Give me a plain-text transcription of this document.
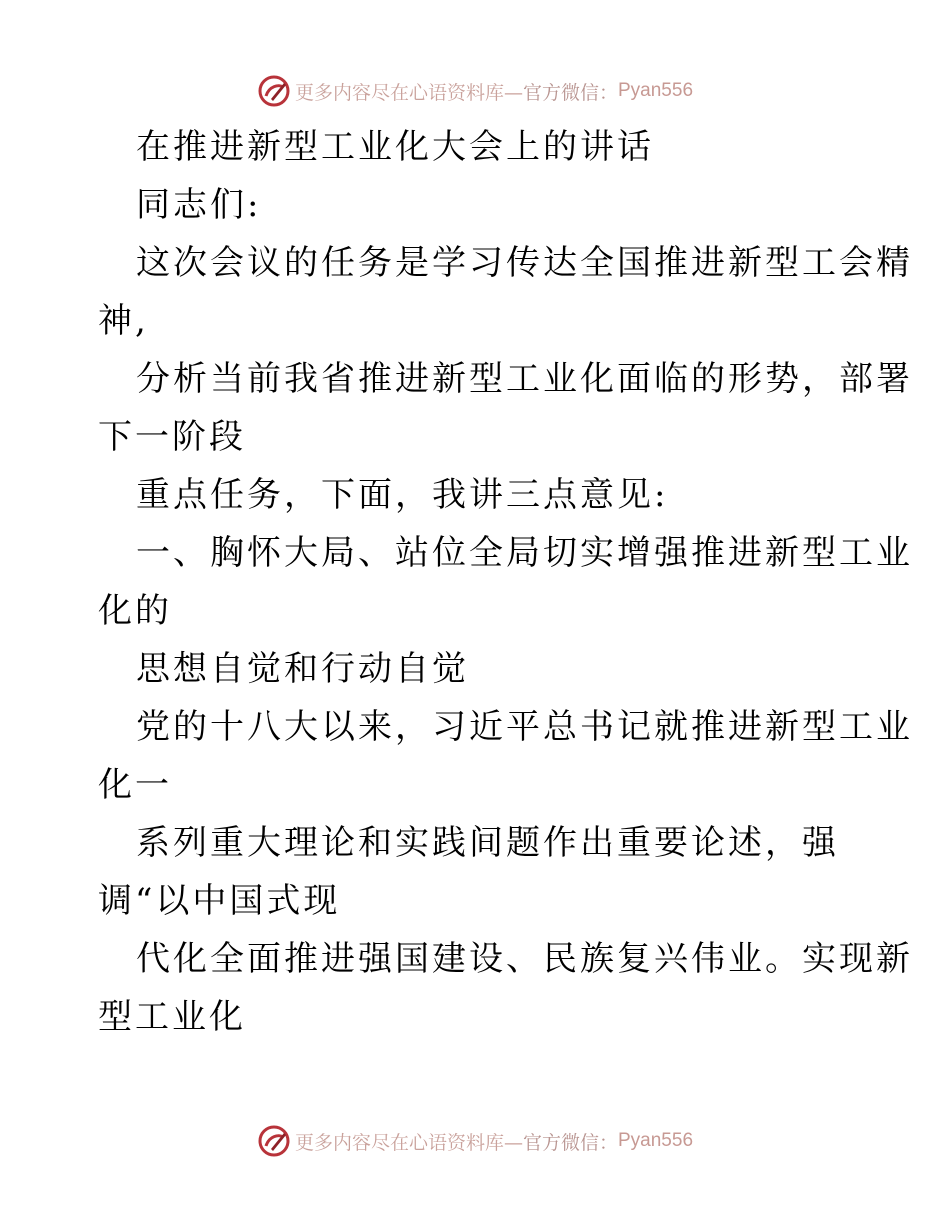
更多内容尽在心语资料库— 官方微信： Pyan556
在推进新型工业化大会上的讲话
同志们:
这次会议的任务是学习传达全国推进新型工会精
神,
分析当前我省推进新型工业化面临的形势，部署
下一阶段
重点任务，下面，我讲三点意见:
一、胸怀大局、站位全局切实增强推进新型工业
化的
思想自觉和行动自觉
党的十八大以来，习近平总书记就推进新型工业
化一
系列重大理论和实践间题作出重要论述，强
调“以中国式现
代化全面推进强国建设、民族复兴伟业。实现新
型工业化
更多内容尽在心语资料库— 官方微信： Pyan556
